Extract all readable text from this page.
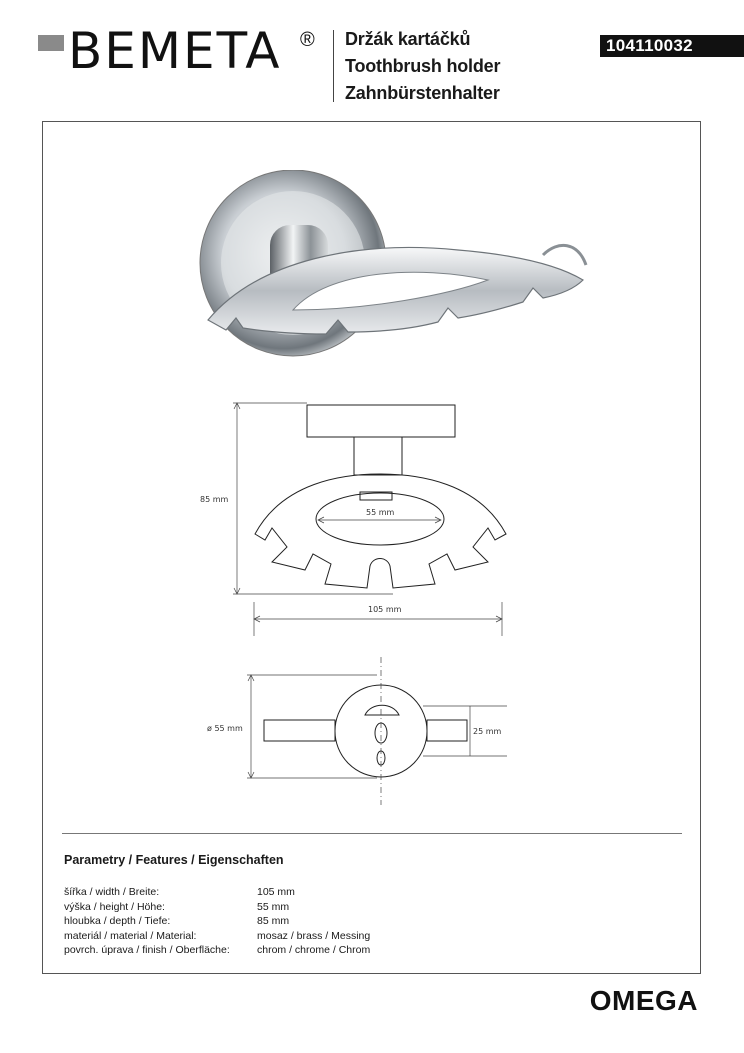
BEMETA ® Držák kartáčků
Toothbrush holder
Zahnbürstenhalter
104110032
85 mm
55 mm
105 mm
ø 55 mm	25 mm
Parametry / Features / Eigenschaften
šířka / width / Breite:	105 mm
výška / height / Höhe:	55 mm
hloubka / depth / Tiefe:	85 mm
materiál / material / Material:	mosaz / brass / Messing
povrch. úprava / finish / Oberfläche:	chrom / chrome / Chrom
OMEGA
